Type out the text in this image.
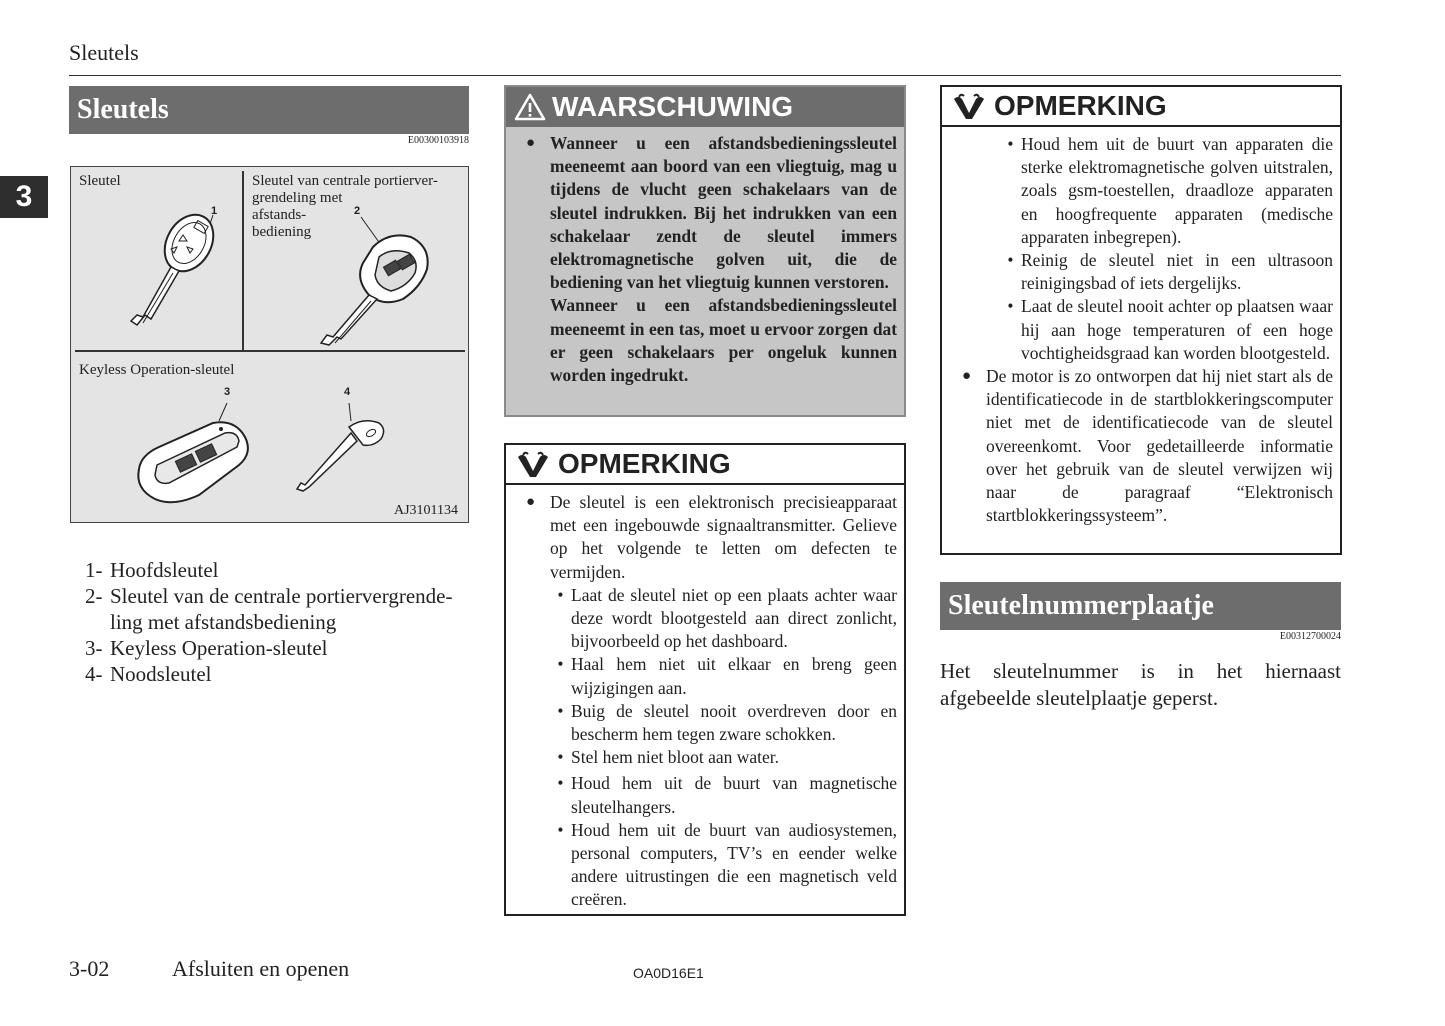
Sleutels
3
Sleutels
E00300103918
Sleutel	Sleutel van centrale portierver-
grendeling met
afstands-
bediening
Keyless Operation-sleutel
1	2
3	4
AJ3101134
1- Hoofdsleutel
2- Sleutel van de centrale portiervergrende-ling met afstandsbediening
3- Keyless Operation-sleutel
4- Noodsleutel
WAARSCHUWING
● Wanneer u een afstandsbedieningssleutel meeneemt aan boord van een vliegtuig, mag u tijdens de vlucht geen schakelaars van de sleutel indrukken. Bij het indrukken van een schakelaar zendt de sleutel immers elektromagnetische golven uit, die de bediening van het vliegtuig kunnen verstoren.
Wanneer u een afstandsbedieningssleutel meeneemt in een tas, moet u ervoor zorgen dat er geen schakelaars per ongeluk kunnen worden ingedrukt.
OPMERKING
● De sleutel is een elektronisch precisieapparaat met een ingebouwde signaaltransmitter. Gelieve op het volgende te letten om defecten te vermijden.
• Laat de sleutel niet op een plaats achter waar deze wordt blootgesteld aan direct zonlicht, bijvoorbeeld op het dashboard.
• Haal hem niet uit elkaar en breng geen wijzigingen aan.
• Buig de sleutel nooit overdreven door en bescherm hem tegen zware schokken.
• Stel hem niet bloot aan water.
• Houd hem uit de buurt van magnetische sleutelhangers.
• Houd hem uit de buurt van audiosystemen, personal computers, TV’s en eender welke andere uitrustingen die een magnetisch veld creëren.
OPMERKING
• Houd hem uit de buurt van apparaten die sterke elektromagnetische golven uitstralen, zoals gsm-toestellen, draadloze apparaten en hoogfrequente apparaten (medische apparaten inbegrepen).
• Reinig de sleutel niet in een ultrasoon reinigingsbad of iets dergelijks.
• Laat de sleutel nooit achter op plaatsen waar hij aan hoge temperaturen of een hoge vochtigheidsgraad kan worden blootgesteld.
● De motor is zo ontworpen dat hij niet start als de identificatiecode in de startblokkeringscomputer niet met de identificatiecode van de sleutel overeenkomt. Voor gedetailleerde informatie over het gebruik van de sleutel verwijzen wij naar de paragraaf “Elektronisch startblokkeringssysteem”.
Sleutelnummerplaatje
E00312700024
Het sleutelnummer is in het hiernaast afgebeelde sleutelplaatje geperst.
3-02	Afsluiten en openen	OA0D16E1
